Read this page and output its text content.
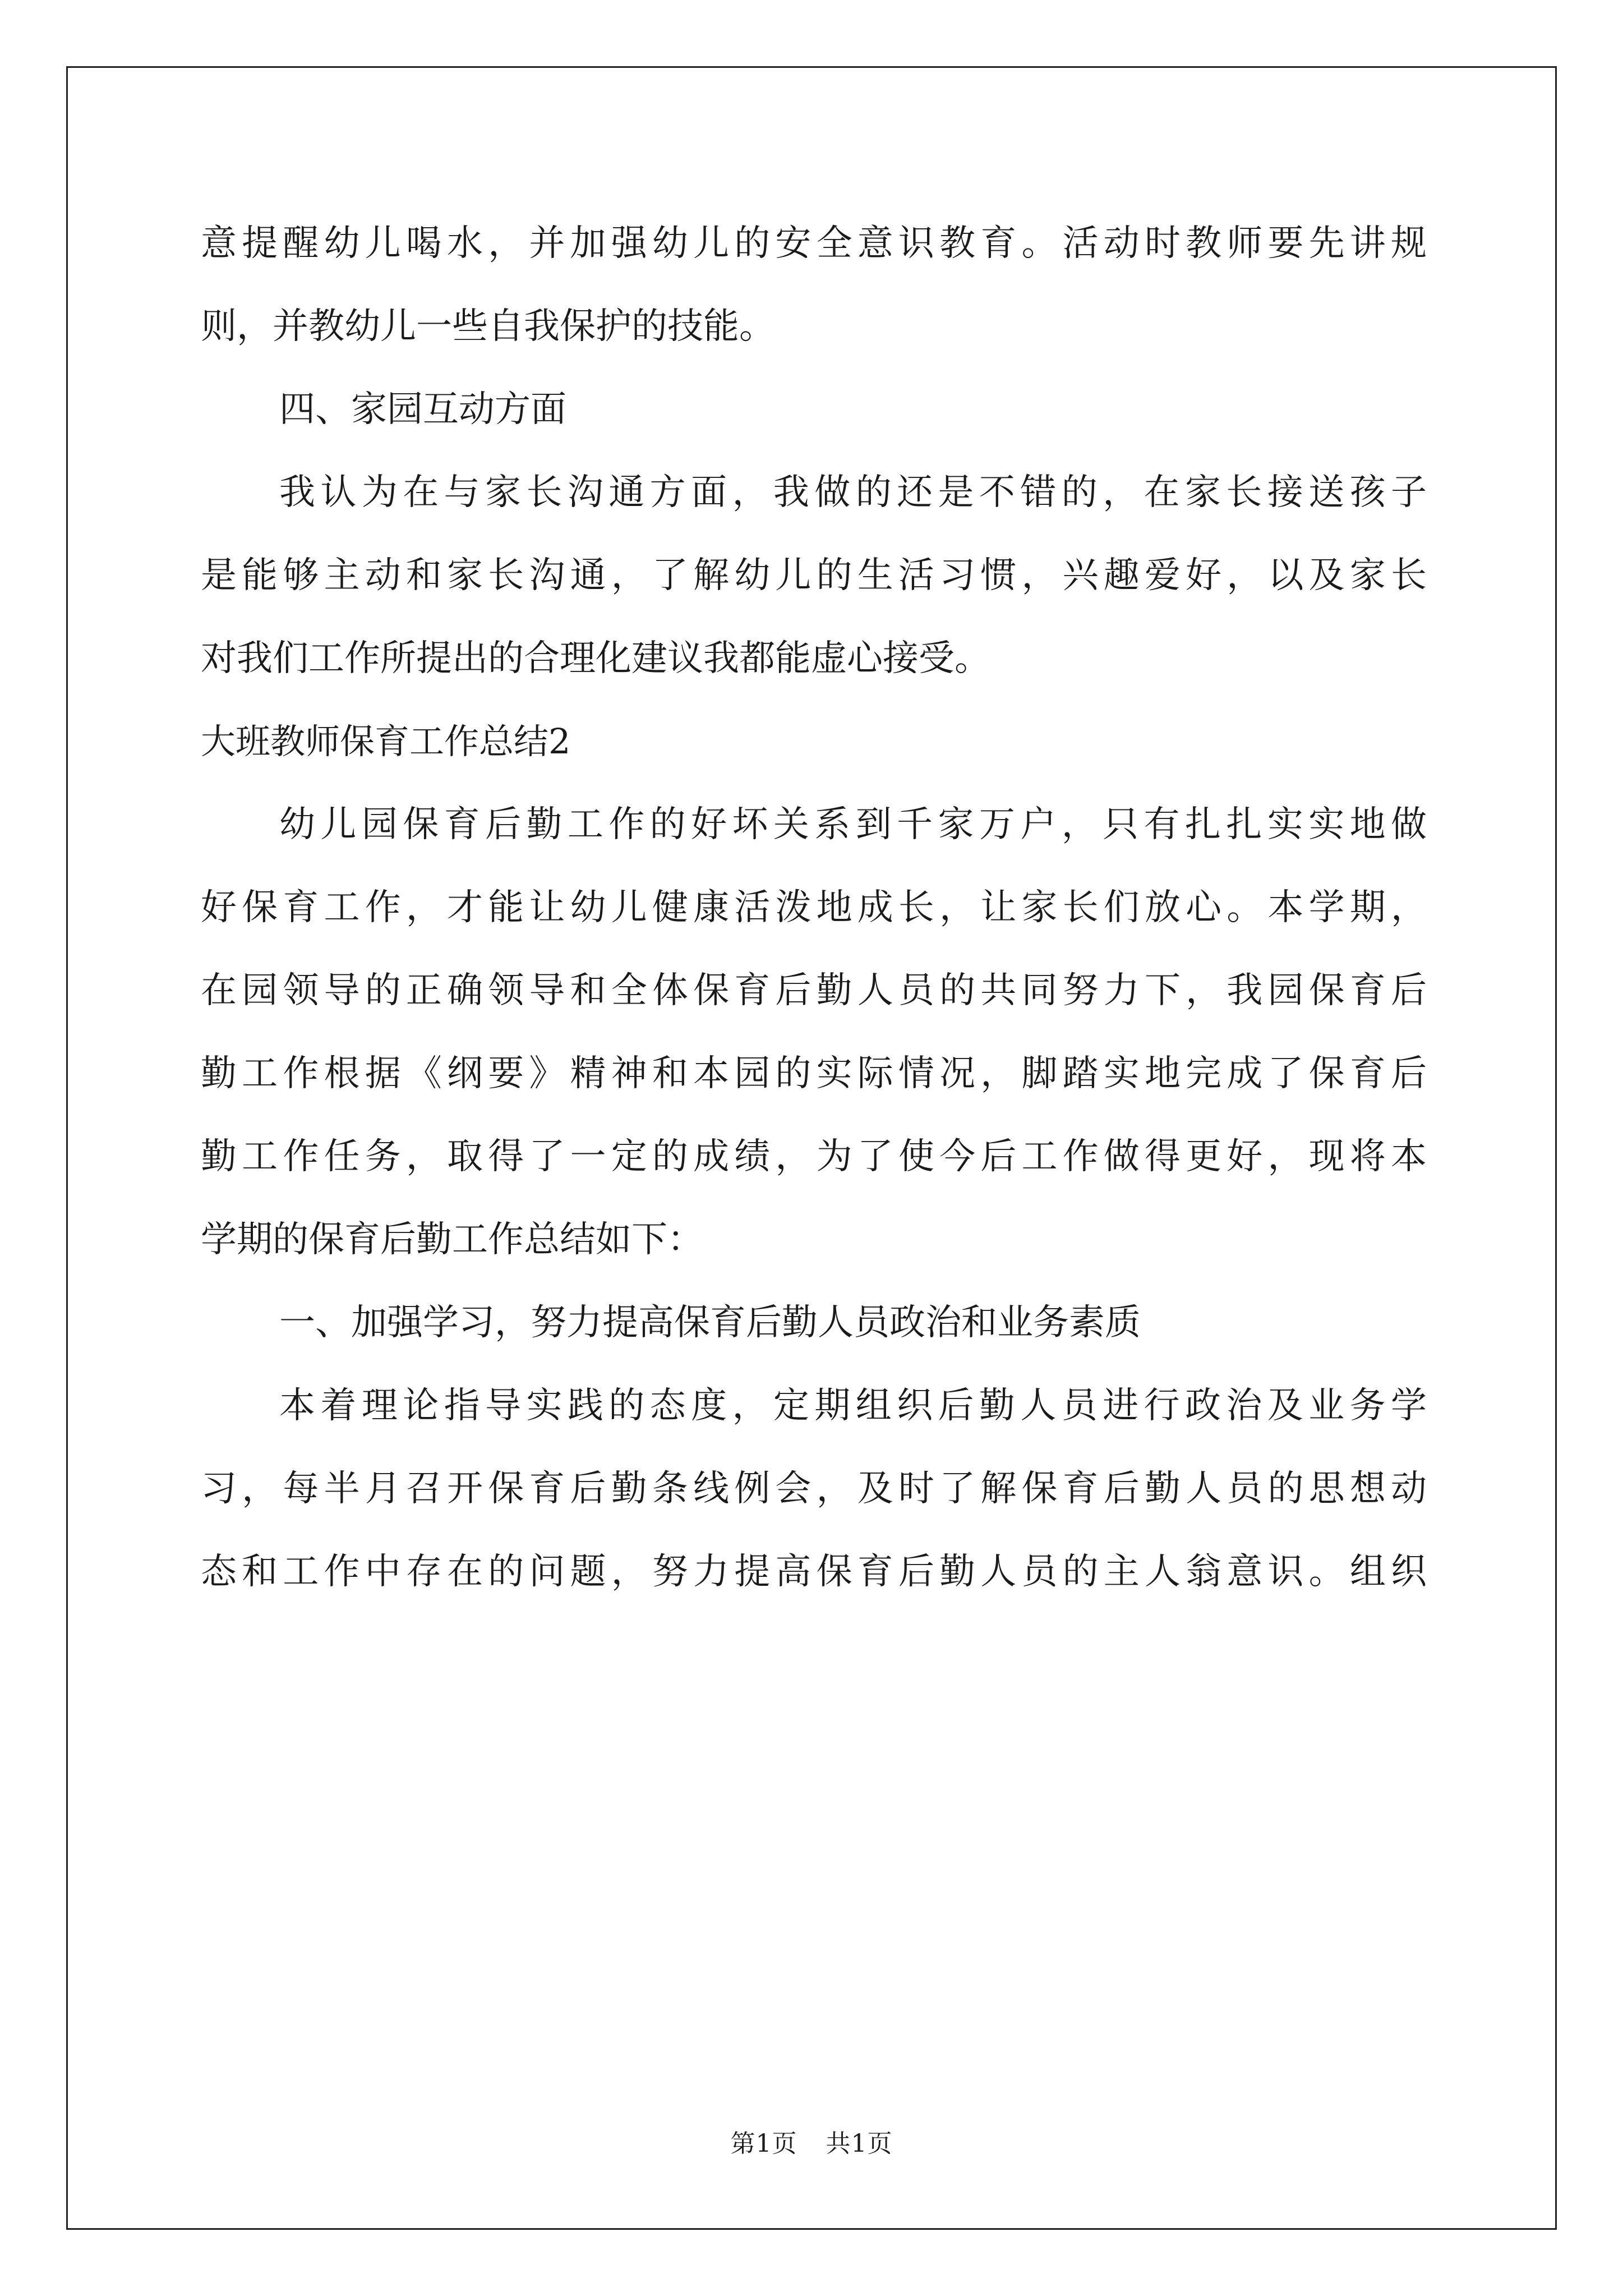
意提醒幼儿喝水，并加强幼儿的安全意识教育。活动时教师要先讲规
则，并教幼儿一些自我保护的技能。
四、家园互动方面
我认为在与家长沟通方面，我做的还是不错的，在家长接送孩子
是能够主动和家长沟通，了解幼儿的生活习惯，兴趣爱好，以及家长
对我们工作所提出的合理化建议我都能虚心接受。
大班教师保育工作总结2
幼儿园保育后勤工作的好坏关系到千家万户，只有扎扎实实地做
好保育工作，才能让幼儿健康活泼地成长，让家长们放心。本学期，
在园领导的正确领导和全体保育后勤人员的共同努力下，我园保育后
勤工作根据《纲要》精神和本园的实际情况，脚踏实地完成了保育后
勤工作任务，取得了一定的成绩，为了使今后工作做得更好，现将本
学期的保育后勤工作总结如下：
一、加强学习，努力提高保育后勤人员政治和业务素质
本着理论指导实践的态度，定期组织后勤人员进行政治及业务学
习，每半月召开保育后勤条线例会，及时了解保育后勤人员的思想动
态和工作中存在的问题，努力提高保育后勤人员的主人翁意识。组织
第1页 共1页
